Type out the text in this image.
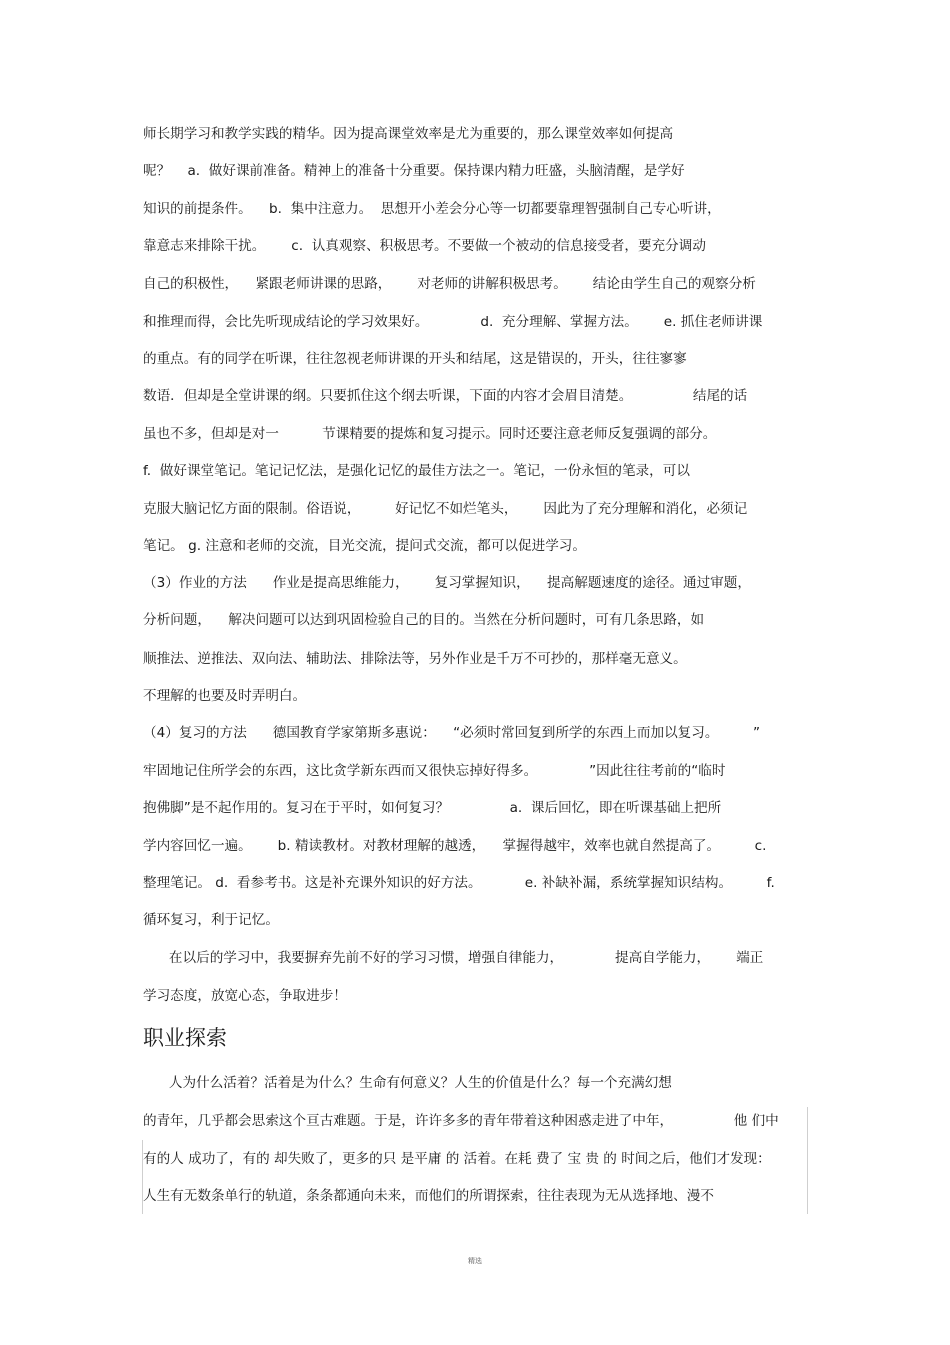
师长期学习和教学实践的精华。因为提高课堂效率是尤为重要的，那么课堂效率如何提高

呢？    a.  做好课前准备。精神上的准备十分重要。保持课内精力旺盛，头脑清醒，是学好

知识的前提条件。    b.  集中注意力。  思想开小差会分心等一切都要靠理智强制自己专心听讲，

靠意志来排除干扰。      c.  认真观察、积极思考。不要做一个被动的信息接受者，要充分调动

自己的积极性，    紧跟老师讲课的思路，      对老师的讲解积极思考。      结论由学生自己的观察分析

和推理而得，会比先听现成结论的学习效果好。            d.  充分理解、掌握方法。      e. 抓住老师讲课

的重点。有的同学在听课，往往忽视老师讲课的开头和结尾，这是错误的，开头，往往寥寥

数语．但却是全堂讲课的纲。只要抓住这个纲去听课，下面的内容才会眉目清楚。              结尾的话

虽也不多，但却是对一          节课精要的提炼和复习提示。同时还要注意老师反复强调的部分。

f.  做好课堂笔记。笔记记忆法，是强化记忆的最佳方法之一。笔记，一份永恒的笔录，可以

克服大脑记忆方面的限制。俗语说，        好记忆不如烂笔头，      因此为了充分理解和消化，必须记

笔记。 g. 注意和老师的交流，目光交流，提问式交流，都可以促进学习。

（3）作业的方法      作业是提高思维能力，      复习掌握知识，    提高解题速度的途径。通过审题，

分析问题，    解决问题可以达到巩固检验自己的目的。当然在分析问题时，可有几条思路，如

顺推法、逆推法、双向法、辅助法、排除法等，另外作业是千万不可抄的，那样毫无意义。

不理解的也要及时弄明白。

（4）复习的方法      德国教育学家第斯多惠说：    “必须时常回复到所学的东西上而加以复习。        ”

牢固地记住所学会的东西，这比贪学新东西而又很快忘掉好得多。            ”因此往往考前的“临时

抱佛脚”是不起作用的。复习在于平时，如何复习？              a.  课后回忆，即在听课基础上把所

学内容回忆一遍。      b. 精读教材。对教材理解的越透，    掌握得越牢，效率也就自然提高了。        c.

整理笔记。 d.  看参考书。这是补充课外知识的好方法。          e. 补缺补漏，系统掌握知识结构。        f.

循环复习，利于记忆。

在以后的学习中，我要摒弃先前不好的学习习惯，增强自律能力，            提高自学能力，      端正

学习态度，放宽心态，争取进步！

职业探索

人为什么活着？活着是为什么？生命有何意义？人生的价值是什么？每一个充满幻想

的青年，几乎都会思索这个亘古难题。于是，许许多多的青年带着这种困惑走进了中年，              他 们中

有的人 成功了，有的 却失败了，更多的只 是平庸 的 活着。在耗 费了 宝 贵 的 时间之后，他们才发现：

人生有无数条单行的轨道，条条都通向未来，而他们的所谓探索，往往表现为无从选择地、漫不

精选
